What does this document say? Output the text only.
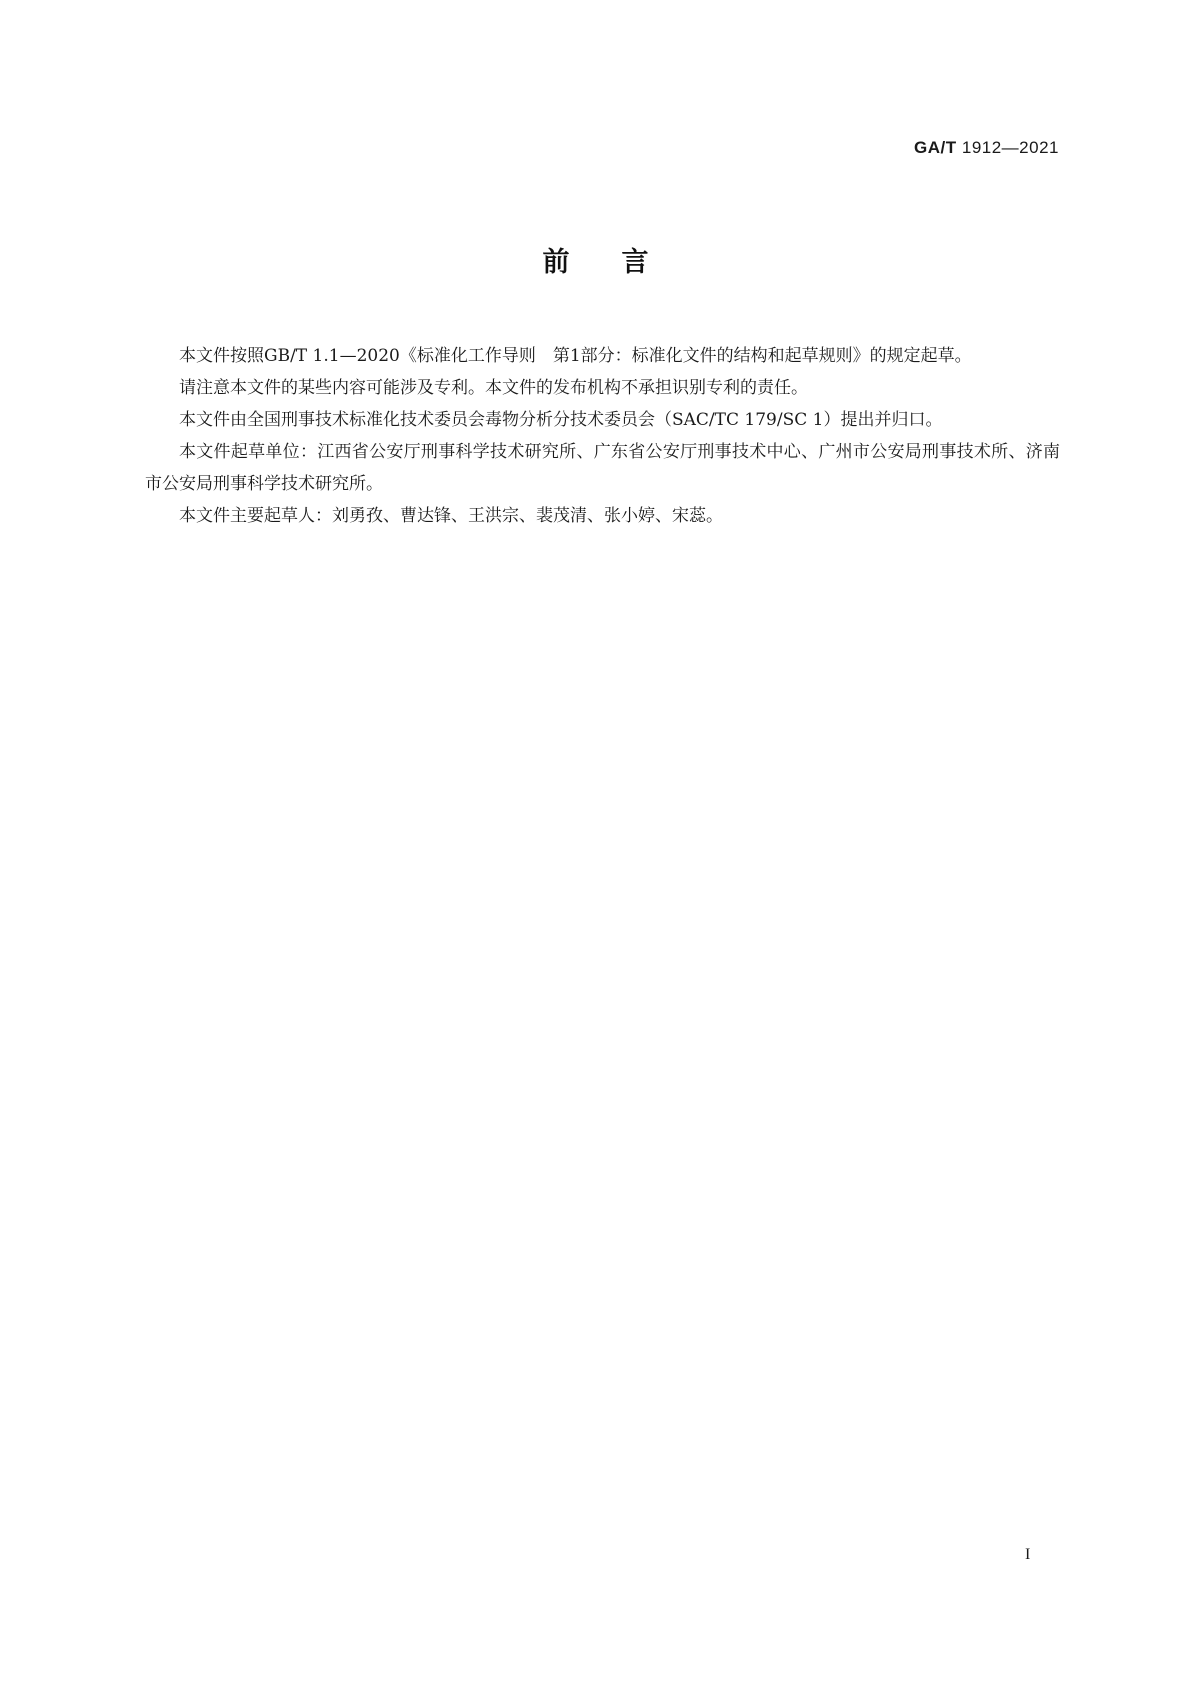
GA/T 1912—2021
前言

本文件按照GB/T 1.1—2020《标准化工作导则　第1部分：标准化文件的结构和起草规则》的规定起草。

请注意本文件的某些内容可能涉及专利。本文件的发布机构不承担识别专利的责任。

本文件由全国刑事技术标准化技术委员会毒物分析分技术委员会（SAC/TC 179/SC 1）提出并归口。

本文件起草单位：江西省公安厅刑事科学技术研究所、广东省公安厅刑事技术中心、广州市公安局刑事技术所、济南市公安局刑事科学技术研究所。

本文件主要起草人：刘勇孜、曹达锋、王洪宗、裴茂清、张小婷、宋蕊。

I
